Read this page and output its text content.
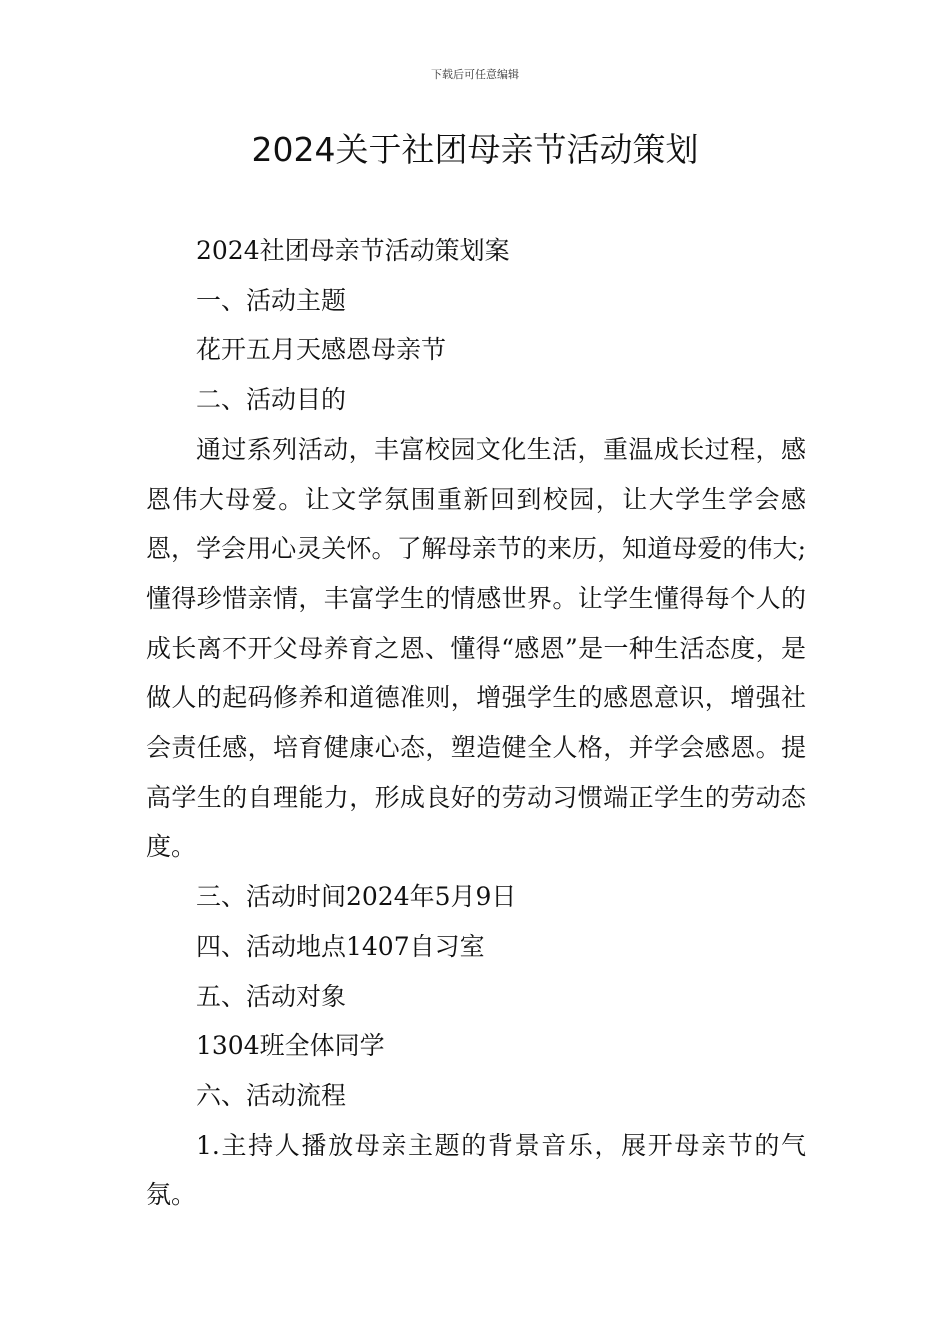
下载后可任意编辑
2024关于社团母亲节活动策划

2024社团母亲节活动策划案

一、活动主题

花开五月天感恩母亲节

二、活动目的

通过系列活动，丰富校园文化生活，重温成长过程，感恩伟大母爱。让文学氛围重新回到校园，让大学生学会感恩，学会用心灵关怀。了解母亲节的来历，知道母爱的伟大;懂得珍惜亲情，丰富学生的情感世界。让学生懂得每个人的成长离不开父母养育之恩、懂得“感恩”是一种生活态度，是做人的起码修养和道德准则，增强学生的感恩意识，增强社会责任感，培育健康心态，塑造健全人格，并学会感恩。提高学生的自理能力，形成良好的劳动习惯端正学生的劳动态度。

三、活动时间2024年5月9日

四、活动地点1407自习室

五、活动对象

1304班全体同学

六、活动流程

1.主持人播放母亲主题的背景音乐，展开母亲节的气氛。
